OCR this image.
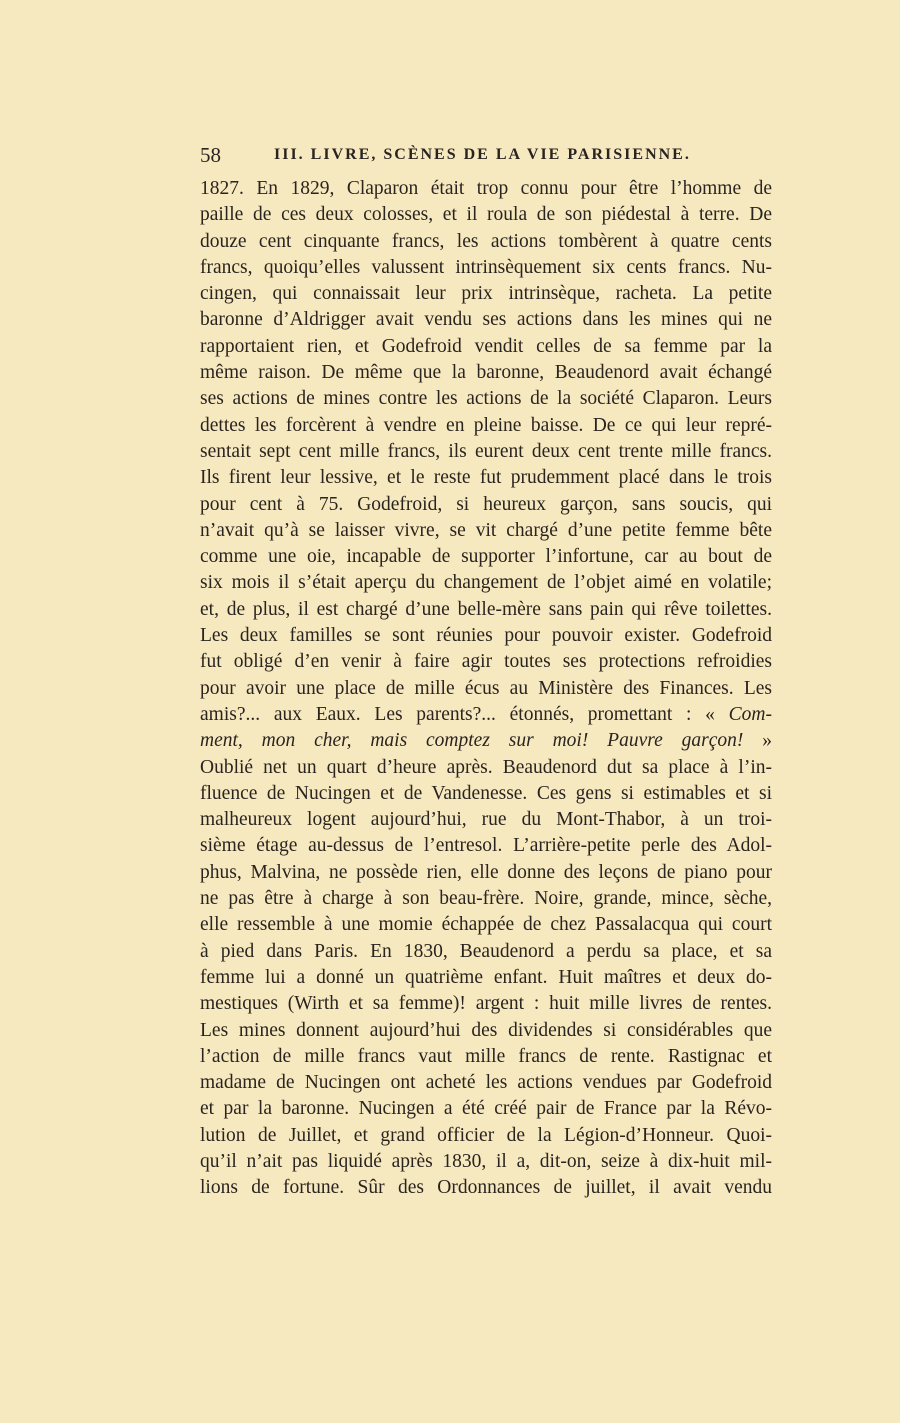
58	III. LIVRE, SCÈNES DE LA VIE PARISIENNE.
1827. En 1829, Claparon était trop connu pour être l’homme de
paille de ces deux colosses, et il roula de son piédestal à terre. De
douze cent cinquante francs, les actions tombèrent à quatre cents
francs, quoiqu’elles valussent intrinsèquement six cents francs. Nu-
cingen, qui connaissait leur prix intrinsèque, racheta. La petite
baronne d’Aldrigger avait vendu ses actions dans les mines qui ne
rapportaient rien, et Godefroid vendit celles de sa femme par la
même raison. De même que la baronne, Beaudenord avait échangé
ses actions de mines contre les actions de la société Claparon. Leurs
dettes les forcèrent à vendre en pleine baisse. De ce qui leur repré-
sentait sept cent mille francs, ils eurent deux cent trente mille francs.
Ils firent leur lessive, et le reste fut prudemment placé dans le trois
pour cent à 75. Godefroid, si heureux garçon, sans soucis, qui
n’avait qu’à se laisser vivre, se vit chargé d’une petite femme bête
comme une oie, incapable de supporter l’infortune, car au bout de
six mois il s’était aperçu du changement de l’objet aimé en volatile;
et, de plus, il est chargé d’une belle-mère sans pain qui rêve toilettes.
Les deux familles se sont réunies pour pouvoir exister. Godefroid
fut obligé d’en venir à faire agir toutes ses protections refroidies
pour avoir une place de mille écus au Ministère des Finances. Les
amis?... aux Eaux. Les parents?... étonnés, promettant : « Com-
ment, mon cher, mais comptez sur moi! Pauvre garçon! »
Oublié net un quart d’heure après. Beaudenord dut sa place à l’in-
fluence de Nucingen et de Vandenesse. Ces gens si estimables et si
malheureux logent aujourd’hui, rue du Mont-Thabor, à un troi-
sième étage au-dessus de l’entresol. L’arrière-petite perle des Adol-
phus, Malvina, ne possède rien, elle donne des leçons de piano pour
ne pas être à charge à son beau-frère. Noire, grande, mince, sèche,
elle ressemble à une momie échappée de chez Passalacqua qui court
à pied dans Paris. En 1830, Beaudenord a perdu sa place, et sa
femme lui a donné un quatrième enfant. Huit maîtres et deux do-
mestiques (Wirth et sa femme)! argent : huit mille livres de rentes.
Les mines donnent aujourd’hui des dividendes si considérables que
l’action de mille francs vaut mille francs de rente. Rastignac et
madame de Nucingen ont acheté les actions vendues par Godefroid
et par la baronne. Nucingen a été créé pair de France par la Révo-
lution de Juillet, et grand officier de la Légion-d’Honneur. Quoi-
qu’il n’ait pas liquidé après 1830, il a, dit-on, seize à dix-huit mil-
lions de fortune. Sûr des Ordonnances de juillet, il avait vendu
